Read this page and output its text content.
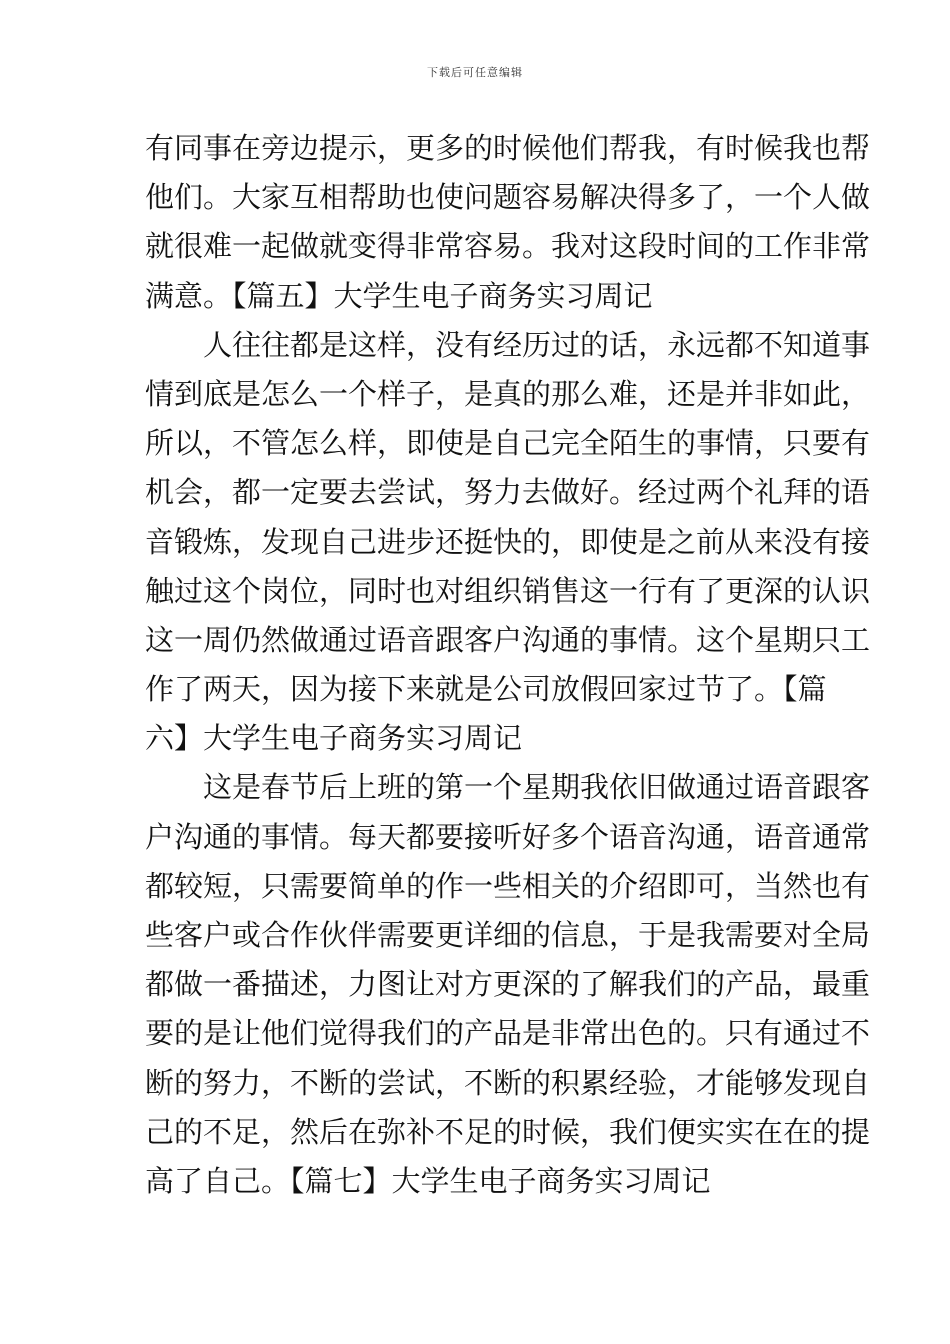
下载后可任意编辑

有同事在旁边提示，更多的时候他们帮我，有时候我也帮
他们。大家互相帮助也使问题容易解决得多了，一个人做
就很难一起做就变得非常容易。我对这段时间的工作非常
满意。【篇五】大学生电子商务实习周记

人往往都是这样，没有经历过的话，永远都不知道事
情到底是怎么一个样子，是真的那么难，还是并非如此，
所以，不管怎么样，即使是自己完全陌生的事情，只要有
机会，都一定要去尝试，努力去做好。经过两个礼拜的语
音锻炼，发现自己进步还挺快的，即使是之前从来没有接
触过这个岗位，同时也对组织销售这一行有了更深的认识
这一周仍然做通过语音跟客户沟通的事情。这个星期只工
作了两天，因为接下来就是公司放假回家过节了。【篇
六】大学生电子商务实习周记

这是春节后上班的第一个星期我依旧做通过语音跟客
户沟通的事情。每天都要接听好多个语音沟通，语音通常
都较短，只需要简单的作一些相关的介绍即可，当然也有
些客户或合作伙伴需要更详细的信息，于是我需要对全局
都做一番描述，力图让对方更深的了解我们的产品，最重
要的是让他们觉得我们的产品是非常出色的。只有通过不
断的努力，不断的尝试，不断的积累经验，才能够发现自
己的不足，然后在弥补不足的时候，我们便实实在在的提
高了自己。【篇七】大学生电子商务实习周记
